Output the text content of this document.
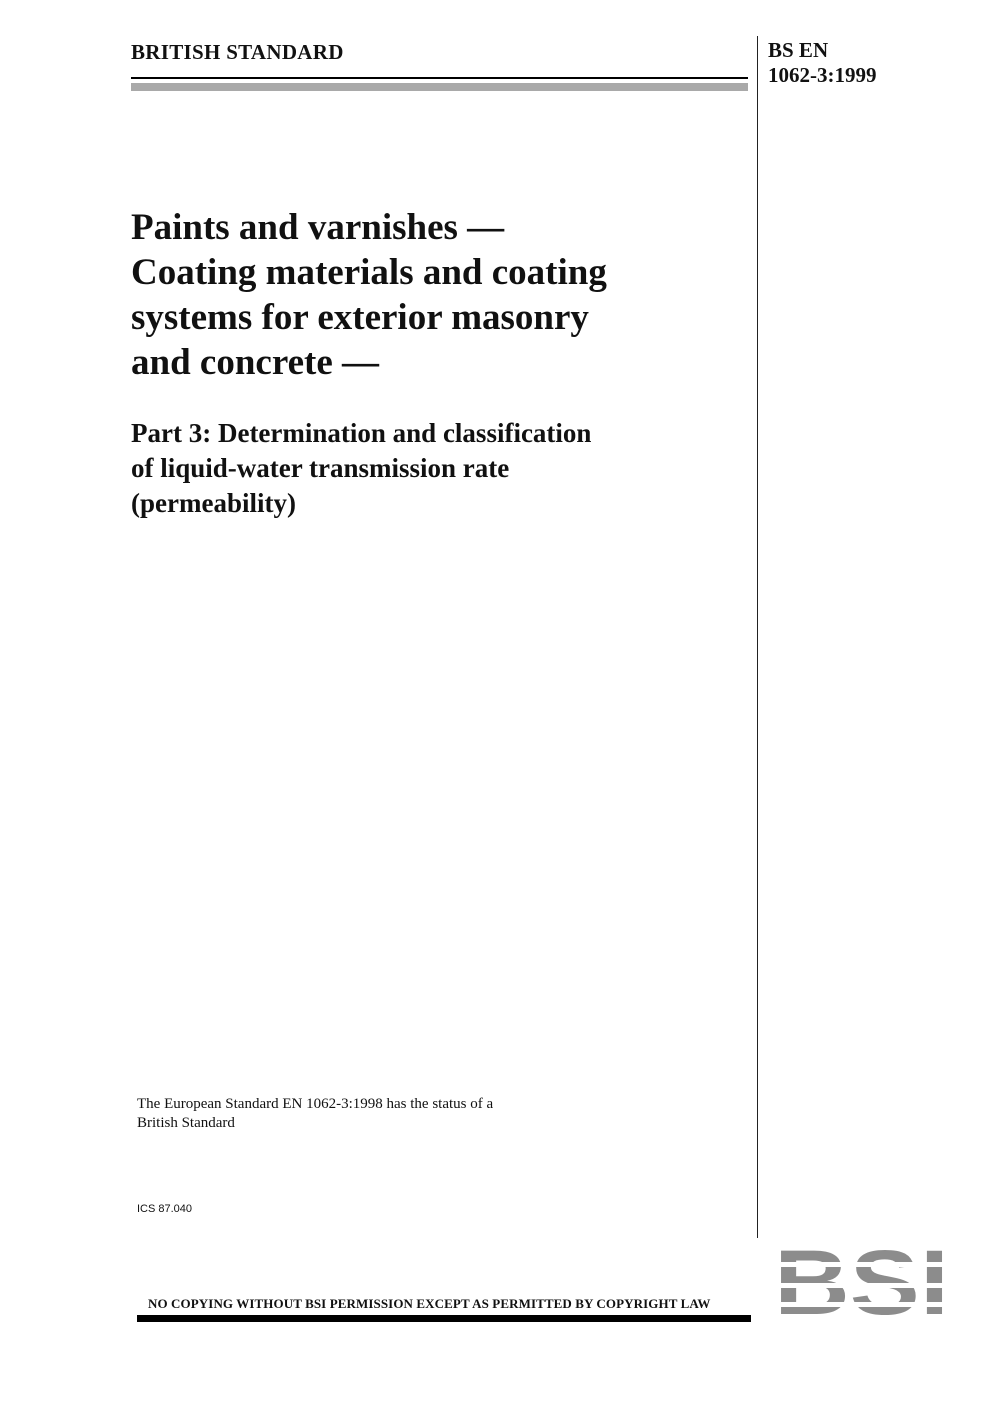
BRITISH STANDARD	BS EN
1062-3:1999
Paints and varnishes —
Coating materials and coating
systems for exterior masonry
and concrete —
Part 3: Determination and classification
of liquid-water transmission rate
(permeability)
The European Standard EN 1062-3:1998 has the status of a
British Standard
ICS 87.040
NO COPYING WITHOUT BSI PERMISSION EXCEPT AS PERMITTED BY COPYRIGHT LAW
